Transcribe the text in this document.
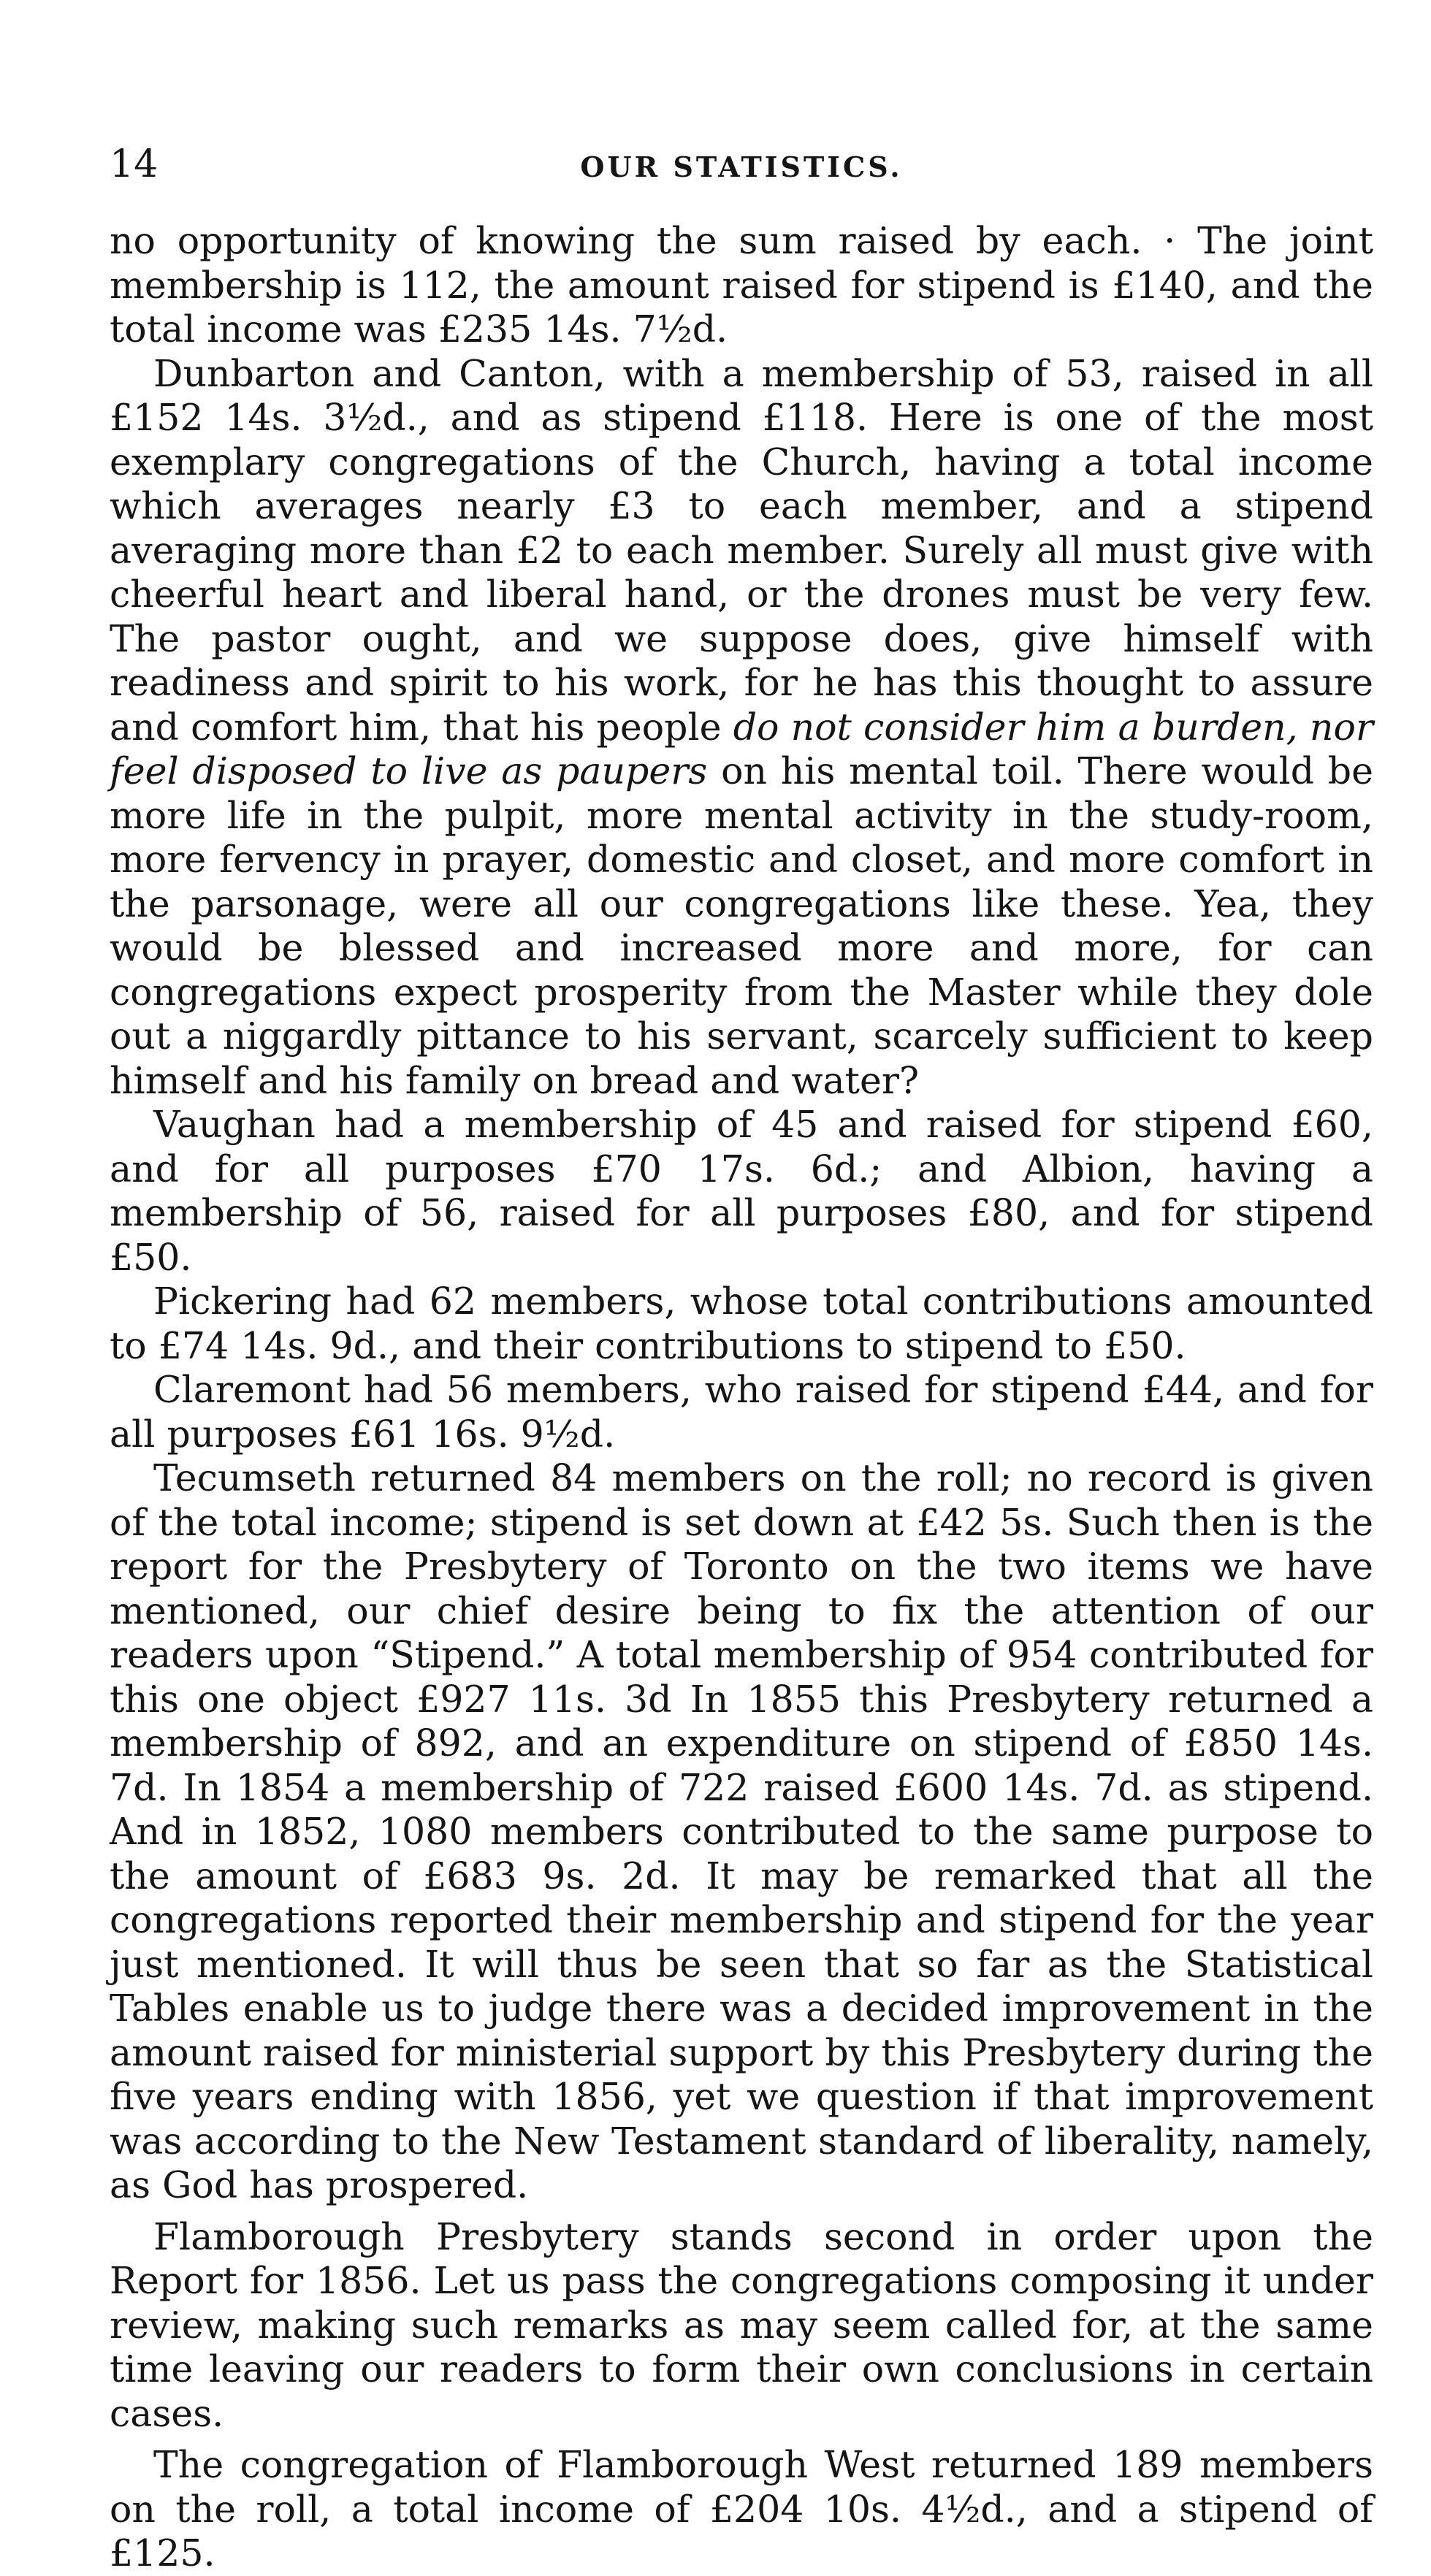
14	OUR STATISTICS.

no opportunity of knowing the sum raised by each. · The joint membership is 112, the amount raised for stipend is £140, and the total income was £235 14s. 7½d.

Dunbarton and Canton, with a membership of 53, raised in all £152 14s. 3½d., and as stipend £118. Here is one of the most exemplary congregations of the Church, having a total income which averages nearly £3 to each member, and a stipend averaging more than £2 to each member. Surely all must give with cheerful heart and liberal hand, or the drones must be very few. The pastor ought, and we suppose does, give himself with readiness and spirit to his work, for he has this thought to assure and comfort him, that his people do not consider him a burden, nor feel disposed to live as paupers on his mental toil. There would be more life in the pulpit, more mental activity in the study-room, more fervency in prayer, domestic and closet, and more comfort in the parsonage, were all our congregations like these. Yea, they would be blessed and increased more and more, for can congregations expect prosperity from the Master while they dole out a niggardly pittance to his servant, scarcely sufficient to keep himself and his family on bread and water?

Vaughan had a membership of 45 and raised for stipend £60, and for all purposes £70 17s. 6d.; and Albion, having a membership of 56, raised for all purposes £80, and for stipend £50.

Pickering had 62 members, whose total contributions amounted to £74 14s. 9d., and their contributions to stipend to £50.

Claremont had 56 members, who raised for stipend £44, and for all purposes £61 16s. 9½d.

Tecumseth returned 84 members on the roll; no record is given of the total income; stipend is set down at £42 5s. Such then is the report for the Presbytery of Toronto on the two items we have mentioned, our chief desire being to fix the attention of our readers upon “Stipend.” A total membership of 954 contributed for this one object £927 11s. 3d In 1855 this Presbytery returned a membership of 892, and an expenditure on stipend of £850 14s. 7d. In 1854 a membership of 722 raised £600 14s. 7d. as stipend. And in 1852, 1080 members contributed to the same purpose to the amount of £683 9s. 2d. It may be remarked that all the congregations reported their membership and stipend for the year just mentioned. It will thus be seen that so far as the Statistical Tables enable us to judge there was a decided improvement in the amount raised for ministerial support by this Presbytery during the five years ending with 1856, yet we question if that improvement was according to the New Testament standard of liberality, namely, as God has prospered.

Flamborough Presbytery stands second in order upon the Report for 1856. Let us pass the congregations composing it under review, making such remarks as may seem called for, at the same time leaving our readers to form their own conclusions in certain cases.

The congregation of Flamborough West returned 189 members on the roll, a total income of £204 10s. 4½d., and a stipend of £125.
